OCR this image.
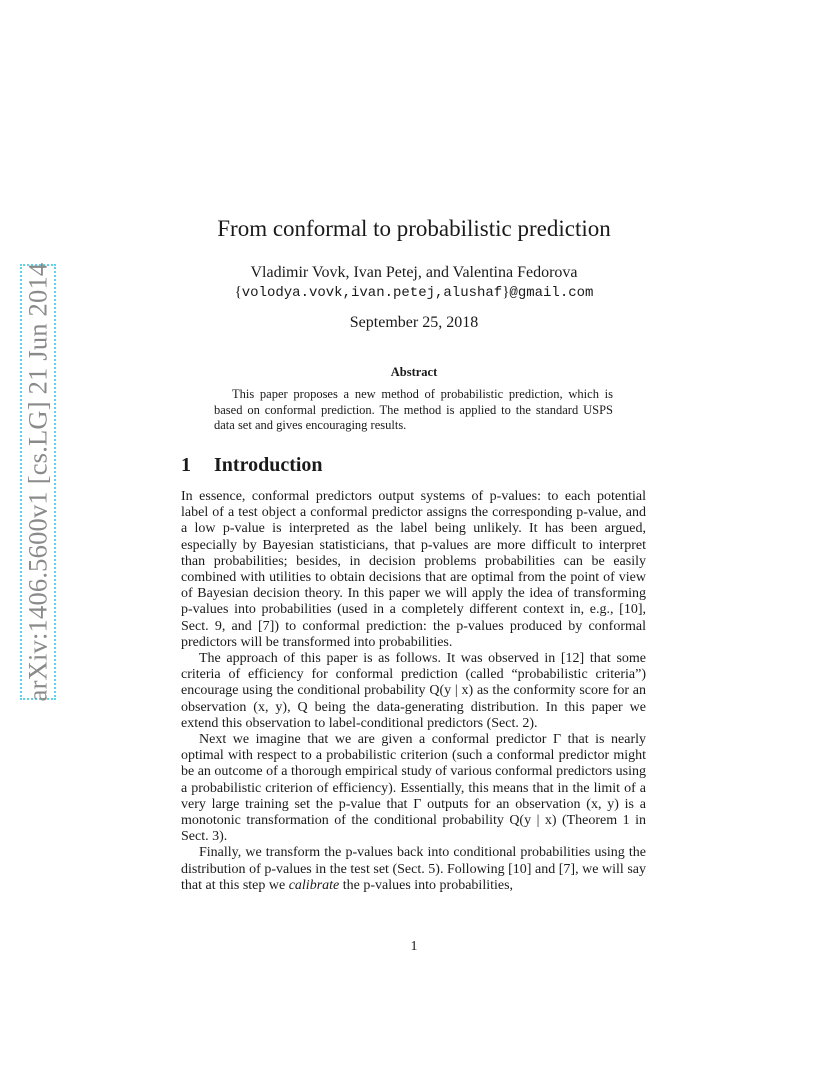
arXiv:1406.5600v1 [cs.LG] 21 Jun 2014
From conformal to probabilistic prediction
Vladimir Vovk, Ivan Petej, and Valentina Fedorova
{volodya.vovk,ivan.petej,alushaf}@gmail.com
September 25, 2018
Abstract

This paper proposes a new method of probabilistic prediction, which is based on conformal prediction. The method is applied to the standard USPS data set and gives encouraging results.

1 Introduction

In essence, conformal predictors output systems of p-values: to each potential label of a test object a conformal predictor assigns the corresponding p-value, and a low p-value is interpreted as the label being unlikely. It has been argued, especially by Bayesian statisticians, that p-values are more difficult to interpret than probabilities; besides, in decision problems probabilities can be easily combined with utilities to obtain decisions that are optimal from the point of view of Bayesian decision theory. In this paper we will apply the idea of transforming p-values into probabilities (used in a completely different context in, e.g., [10], Sect. 9, and [7]) to conformal prediction: the p-values produced by conformal predictors will be transformed into probabilities.

The approach of this paper is as follows. It was observed in [12] that some criteria of efficiency for conformal prediction (called “probabilistic criteria”) encourage using the conditional probability Q(y | x) as the conformity score for an observation (x, y), Q being the data-generating distribution. In this paper we extend this observation to label-conditional predictors (Sect. 2).

Next we imagine that we are given a conformal predictor Γ that is nearly optimal with respect to a probabilistic criterion (such a conformal predictor might be an outcome of a thorough empirical study of various conformal predictors using a probabilistic criterion of efficiency). Essentially, this means that in the limit of a very large training set the p-value that Γ outputs for an observation (x, y) is a monotonic transformation of the conditional probability Q(y | x) (Theorem 1 in Sect. 3).

Finally, we transform the p-values back into conditional probabilities using the distribution of p-values in the test set (Sect. 5). Following [10] and [7], we will say that at this step we calibrate the p-values into probabilities,

1
